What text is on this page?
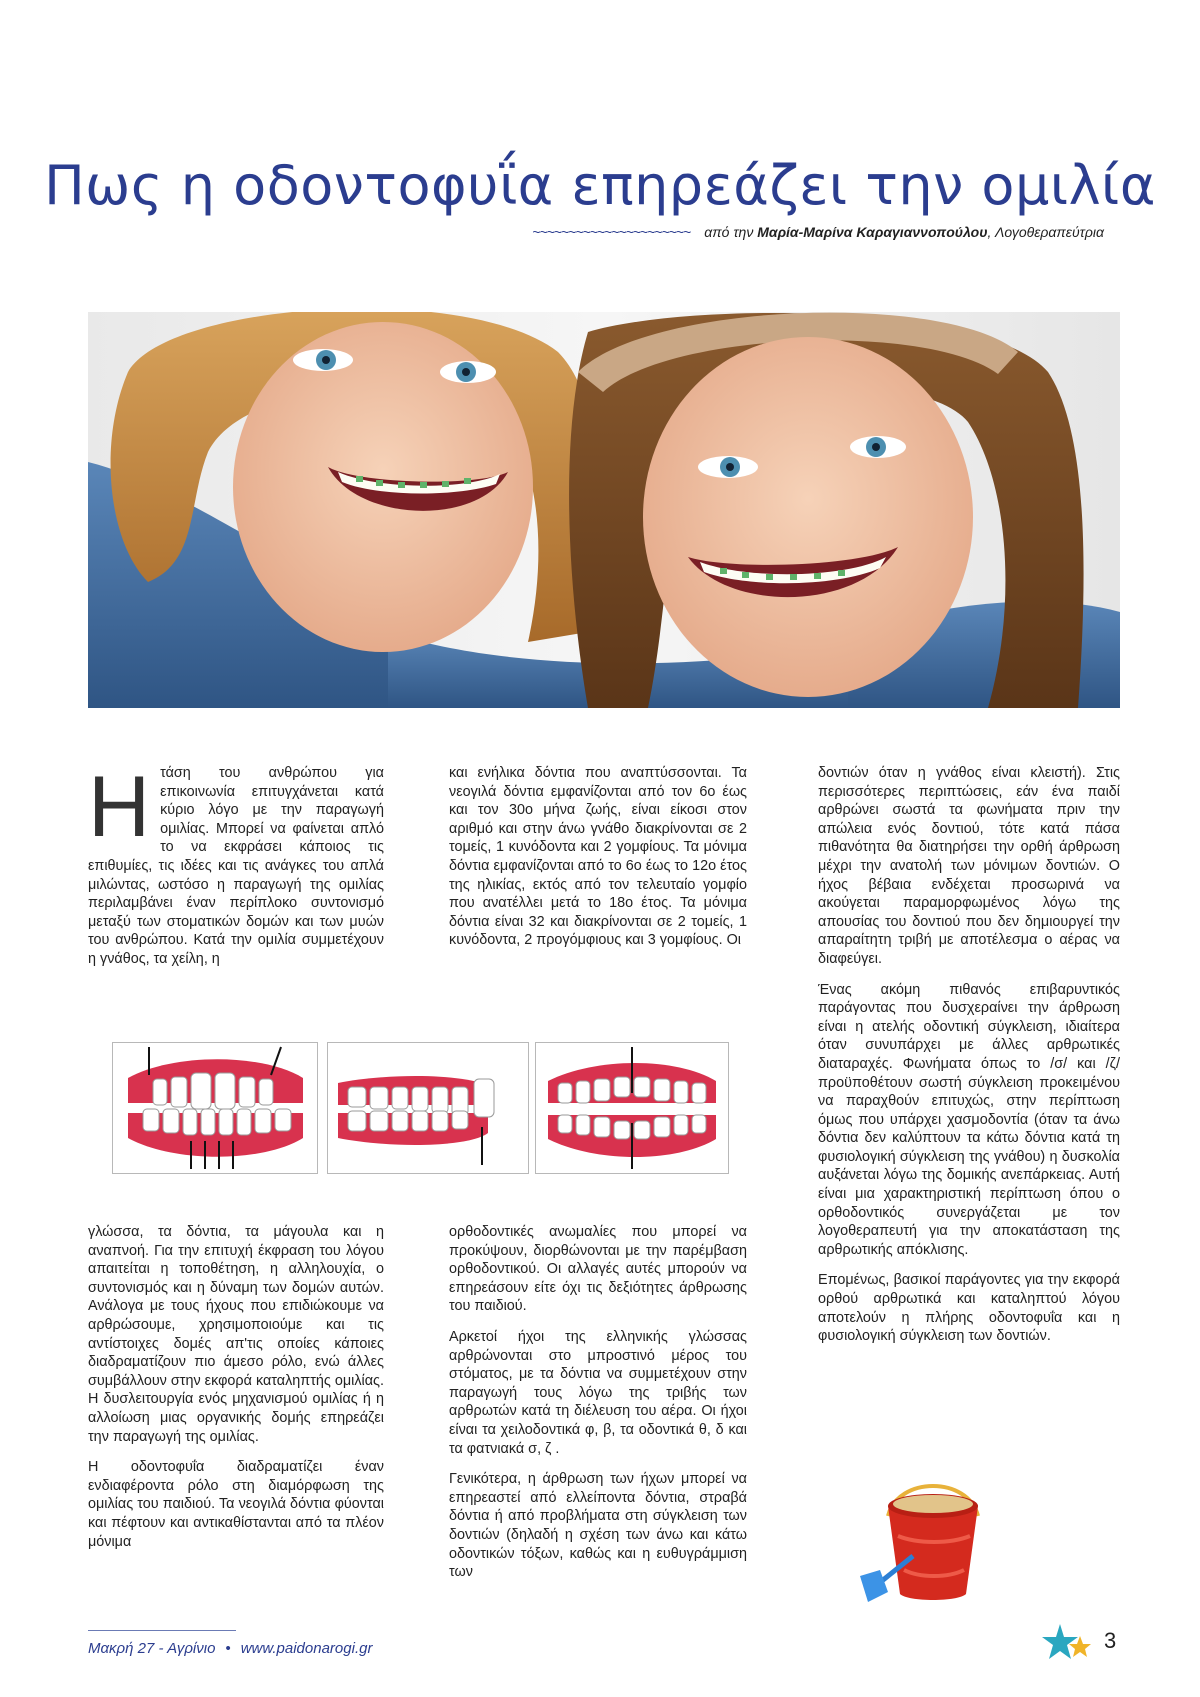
Πως η οδοντοφυΐα επηρεάζει την ομιλία
~~~~~~~~~~~~~~~~~~~~~~ από την Μαρία-Μαρίνα Καραγιαννοπούλου, Λογοθεραπεύτρια
Ητάση του ανθρώπου για επικοινωνία επιτυγχάνεται κατά κύριο λόγο με την παραγωγή ομιλίας. Μπορεί να φαίνεται απλό το να εκφράσει κάποιος τις επιθυμίες, τις ιδέες και τις ανάγκες του απλά μιλώντας, ωστόσο η παραγωγή της ομιλίας περιλαμβάνει έναν περίπλοκο συντονισμό μεταξύ των στοματικών δομών και των μυών του ανθρώπου. Κατά την ομιλία συμμετέχουν η γνάθος, τα χείλη, η

και ενήλικα δόντια που αναπτύσσονται. Τα νεογιλά δόντια εμφανίζονται από τον 6ο έως και τον 30ο μήνα ζωής, είναι είκοσι στον αριθμό και στην άνω γνάθο διακρίνονται σε 2 τομείς, 1 κυνόδοντα και 2 γομφίους. Τα μόνιμα δόντια εμφανίζονται από το 6ο έως το 12ο έτος της ηλικίας, εκτός από τον τελευταίο γομφίο που ανατέλλει μετά το 18ο έτος. Τα μόνιμα δόντια είναι 32 και διακρίνονται σε 2 τομείς, 1 κυνόδοντα, 2 προγόμφιους και 3 γομφίους. Οι

δοντιών όταν η γνάθος είναι κλειστή). Στις περισσότερες περιπτώσεις, εάν ένα παιδί αρθρώνει σωστά τα φωνήματα πριν την απώλεια ενός δοντιού, τότε κατά πάσα πιθανότητα θα διατηρήσει την ορθή άρθρωση μέχρι την ανατολή των μόνιμων δοντιών. Ο ήχος βέβαια ενδέχεται προσωρινά να ακούγεται παραμορφωμένος λόγω της απουσίας του δοντιού που δεν δημιουργεί την απαραίτητη τριβή με αποτέλεσμα ο αέρας να διαφεύγει.

Ένας ακόμη πιθανός επιβαρυντικός παράγοντας που δυσχεραίνει την άρθρωση είναι η ατελής οδοντική σύγκλειση, ιδιαίτερα όταν συνυπάρχει με άλλες αρθρωτικές διαταραχές. Φωνήματα όπως το /σ/ και /ζ/ προϋποθέτουν σωστή σύγκλειση προκειμένου να παραχθούν επιτυχώς, στην περίπτωση όμως που υπάρχει χασμοδοντία (όταν τα άνω δόντια δεν καλύπτουν τα κάτω δόντια κατά τη φυσιολογική σύγκλειση της γνάθου) η δυσκολία αυξάνεται λόγω της δομικής ανεπάρκειας. Αυτή είναι μια χαρακτηριστική περίπτωση όπου ο ορθοδοντικός συνεργάζεται με τον λογοθεραπευτή για την αποκατάσταση της αρθρωτικής απόκλισης.

Επομένως, βασικοί παράγοντες για την εκφορά ορθού αρθρωτικά και καταληπτού λόγου αποτελούν η πλήρης οδοντοφυΐα και η φυσιολογική σύγκλειση των δοντιών.

γλώσσα, τα δόντια, τα μάγουλα και η αναπνοή. Για την επιτυχή έκφραση του λόγου απαιτείται η τοποθέτηση, η αλληλουχία, ο συντονισμός και η δύναμη των δομών αυτών. Ανάλογα με τους ήχους που επιδιώκουμε να αρθρώσουμε, χρησιμοποιούμε και τις αντίστοιχες δομές απ'τις οποίες κάποιες διαδραματίζουν πιο άμεσο ρόλο, ενώ άλλες συμβάλλουν στην εκφορά καταληπτής ομιλίας. Η δυσλειτουργία ενός μηχανισμού ομιλίας ή η αλλοίωση μιας οργανικής δομής επηρεάζει την παραγωγή της ομιλίας.

Η οδοντοφυΐα διαδραματίζει έναν ενδιαφέροντα ρόλο στη διαμόρφωση της ομιλίας του παιδιού. Τα νεογιλά δόντια φύονται και πέφτουν και αντικαθίστανται από τα πλέον μόνιμα

ορθοδοντικές ανωμαλίες που μπορεί να προκύψουν, διορθώνονται με την παρέμβαση ορθοδοντικού. Οι αλλαγές αυτές μπορούν να επηρεάσουν είτε όχι τις δεξιότητες άρθρωσης του παιδιού.

Αρκετοί ήχοι της ελληνικής γλώσσας αρθρώνονται στο μπροστινό μέρος του στόματος, με τα δόντια να συμμετέχουν στην παραγωγή τους λόγω της τριβής των αρθρωτών κατά τη διέλευση του αέρα. Οι ήχοι είναι τα χειλοδοντικά φ, β, τα οδοντικά θ, δ και τα φατνιακά σ, ζ .

Γενικότερα, η άρθρωση των ήχων μπορεί να επηρεαστεί από ελλείποντα δόντια, στραβά δόντια ή από προβλήματα στη σύγκλειση των δοντιών (δηλαδή η σχέση των άνω και κάτω οδοντικών τόξων, καθώς και η ευθυγράμμιση των

Μακρή 27 - Αγρίνιο • www.paidonarogi.gr	3
